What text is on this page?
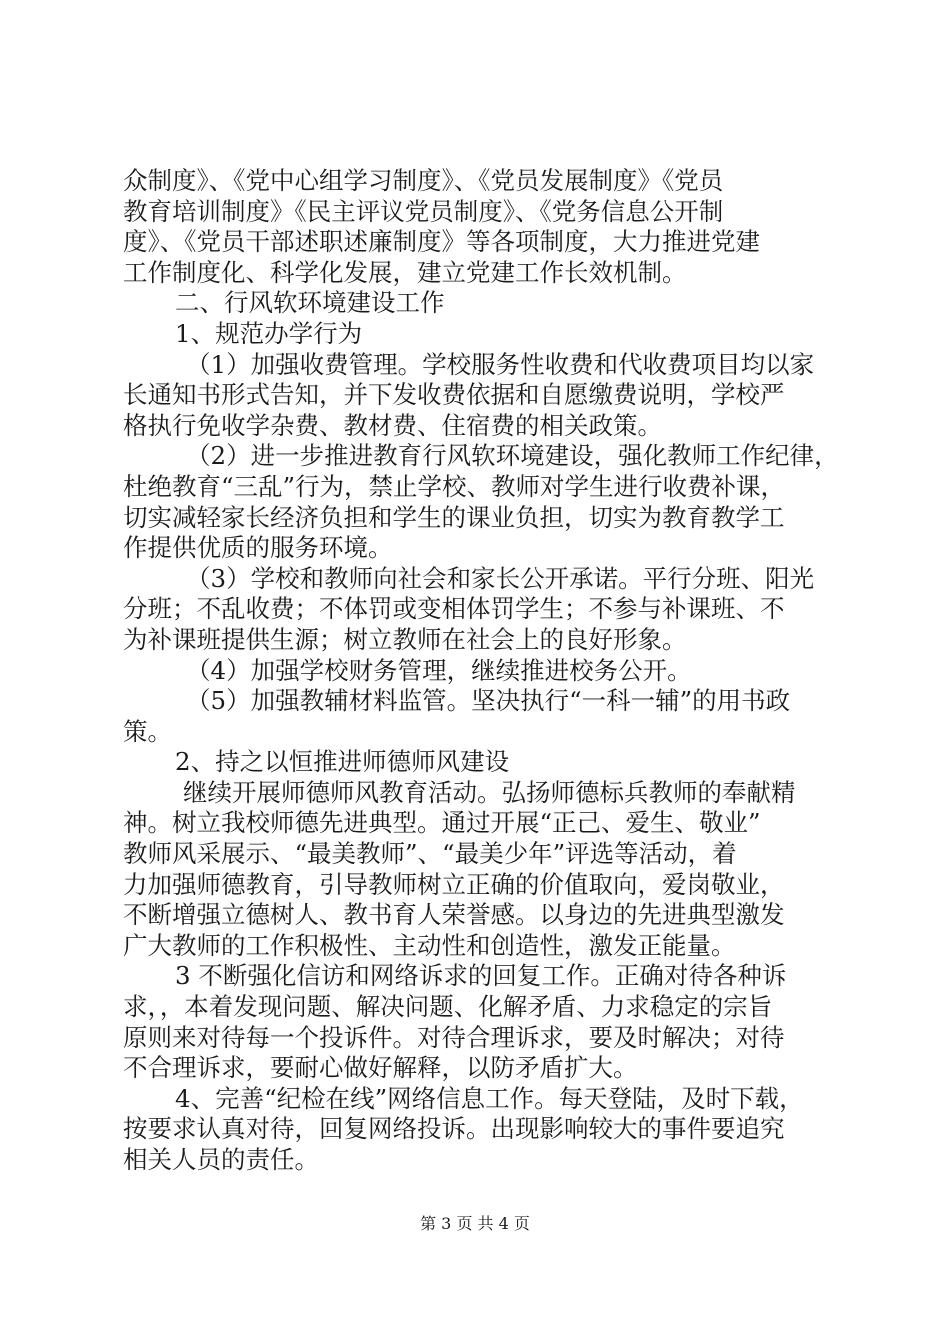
众制度》、《党中心组学习制度》、《党员发展制度》《党员
教育培训制度》《民主评议党员制度》、《党务信息公开制
度》、《党员干部述职述廉制度》等各项制度，大力推进党建
工作制度化、科学化发展，建立党建工作长效机制。
二、行风软环境建设工作
1、规范办学行为
（1）加强收费管理。学校服务性收费和代收费项目均以家
长通知书形式告知，并下发收费依据和自愿缴费说明，学校严
格执行免收学杂费、教材费、住宿费的相关政策。
（2）进一步推进教育行风软环境建设，强化教师工作纪律，
杜绝教育“三乱”行为，禁止学校、教师对学生进行收费补课，
切实减轻家长经济负担和学生的课业负担，切实为教育教学工
作提供优质的服务环境。
（3）学校和教师向社会和家长公开承诺。平行分班、阳光
分班；不乱收费；不体罚或变相体罚学生；不参与补课班、不
为补课班提供生源；树立教师在社会上的良好形象。
（4）加强学校财务管理，继续推进校务公开。
（5）加强教辅材料监管。坚决执行“一科一辅”的用书政
策。
2、持之以恒推进师德师风建设
继续开展师德师风教育活动。弘扬师德标兵教师的奉献精
神。树立我校师德先进典型。通过开展“正己、爱生、敬业”
教师风采展示、“最美教师”、“最美少年”评选等活动，着
力加强师德教育，引导教师树立正确的价值取向，爱岗敬业，
不断增强立德树人、教书育人荣誉感。以身边的先进典型激发
广大教师的工作积极性、主动性和创造性，激发正能量。
3 不断强化信访和网络诉求的回复工作。正确对待各种诉
求，，本着发现问题、解决问题、化解矛盾、力求稳定的宗旨
原则来对待每一个投诉件。对待合理诉求，要及时解决；对待
不合理诉求，要耐心做好解释，以防矛盾扩大。
4、完善“纪检在线”网络信息工作。每天登陆，及时下载，
按要求认真对待，回复网络投诉。出现影响较大的事件要追究
相关人员的责任。
第 3 页 共 4 页
